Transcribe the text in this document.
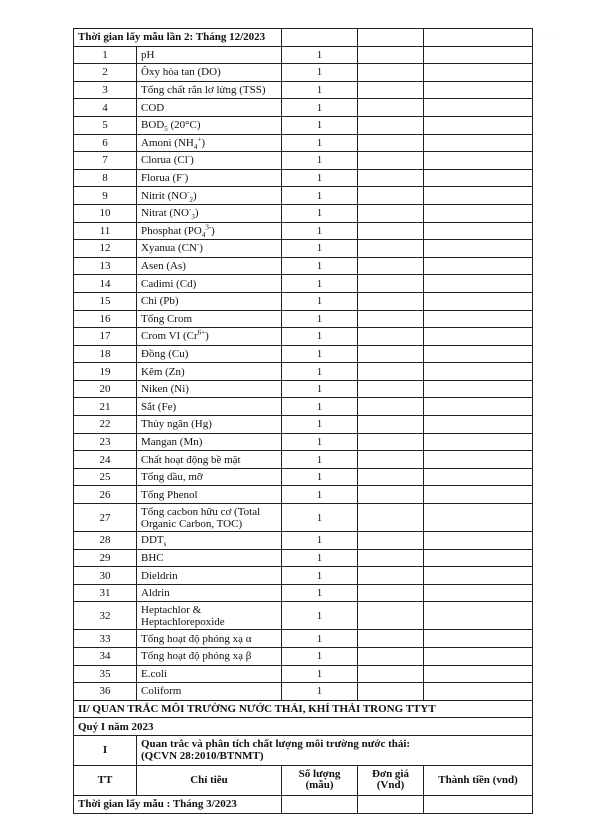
· · ·
Thời gian lấy mẫu lần 2: Tháng 12/2023				
1	pH	1		
2	Ôxy hòa tan (DO)	1		
3	Tổng chất rắn lơ lửng (TSS)	1		
4	COD	1		
5	$BOD_5$ (20°C)	1		
6	Amoni $(NH_4^+)$	1		
7	Clorua (Cl-)	1		
8	Florua (F-)	1		
9	Nitrit $(NO^-_2)$	1		
10	Nitrat $(NO^-_3)$	1		
11	Phosphat $(PO_4^{3-})$	1		
12	Xyanua (CN-)	1		
13	Asen (As)	1		
14	Cadimi (Cd)	1		
15	Chì (Pb)	1		
16	Tổng Crom	1		
17	Crom VI $(Cr^{6+})$	1		
18	Đồng (Cu)	1		
19	Kẽm (Zn)	1		
20	Niken (Ni)	1		
21	Sắt (Fe)	1		
22	Thủy ngân (Hg)	1		
23	Mangan (Mn)	1		
24	Chất hoạt động bề mặt	1		
25	Tổng dầu, mỡ	1		
26	Tổng Phenol	1		
27	Tổng cacbon hữu cơ (Total Organic Carbon, TOC)	1		
28	$DDT_s$	1		
29	BHC	1		
30	Dieldrin	1		
31	Aldrin	1		
32	Heptachlor & Heptachlorepoxide	1		
33	Tổng hoạt độ phóng xạ α	1		
34	Tổng hoạt độ phóng xạ β	1		
35	E.coli	1		
36	Coliform	1		
II/ QUAN TRẮC MÔI TRƯỜNG NƯỚC THẢI, KHÍ THẢI TRONG TTYT				
Quý I năm 2023				
I	Quan trắc và phân tích chất lượng môi trường nước thải:
(QCVN 28:2010/BTNMT)			

TT	Chỉ tiêu	Số lượng (mẫu)	Đơn giá (Vnd)	Thành tiền (vnd)
Thời gian lấy mẫu : Tháng 3/2023				
